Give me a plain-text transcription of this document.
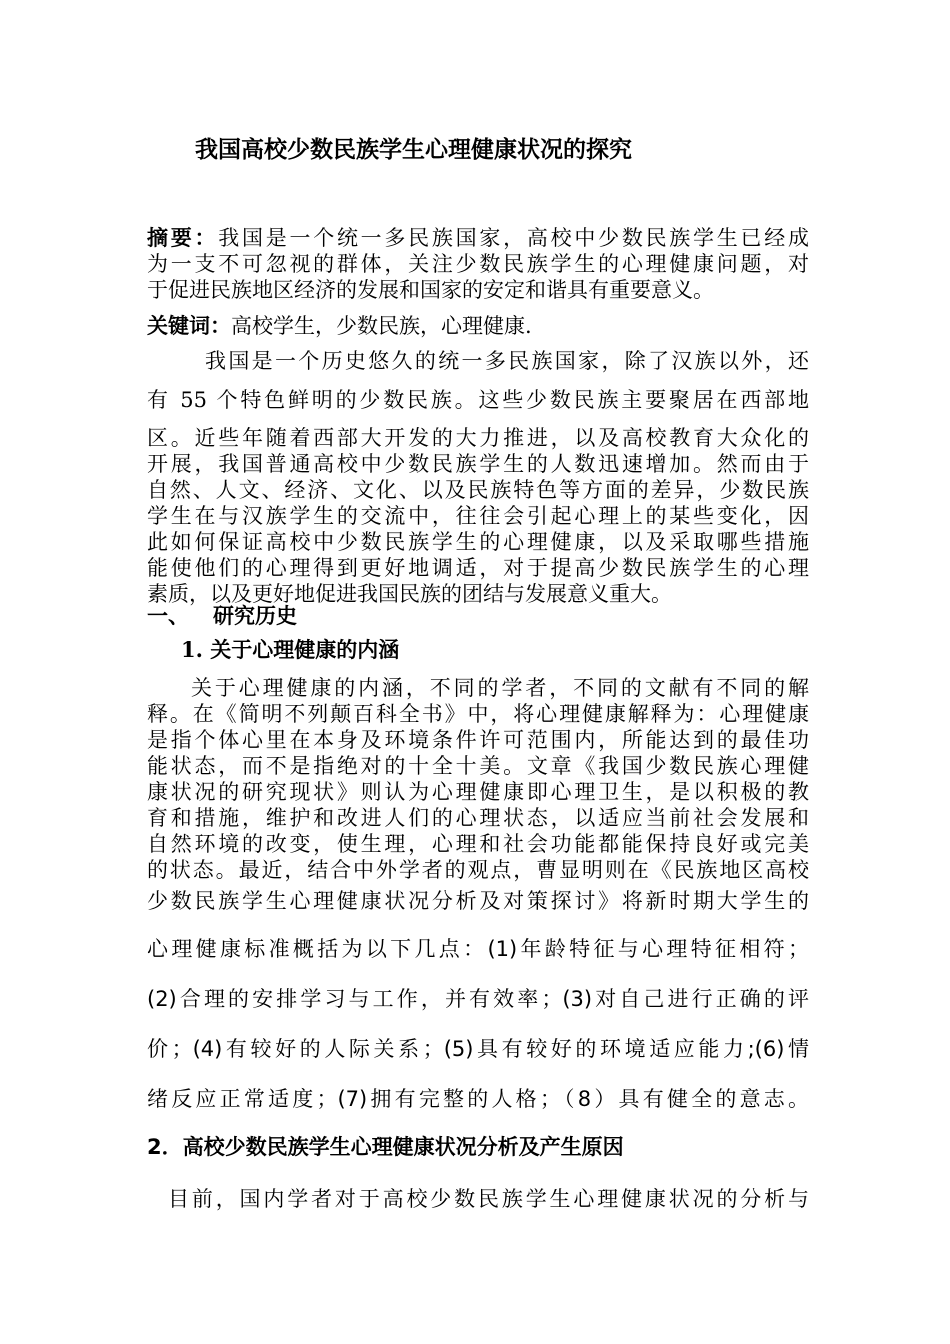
我国高校少数民族学生心理健康状况的探究
摘要：我国是一个统一多民族国家，高校中少数民族学生已经成
为一支不可忽视的群体，关注少数民族学生的心理健康问题，对
于促进民族地区经济的发展和国家的安定和谐具有重要意义。
关键词：高校学生，少数民族，心理健康.
我国是一个历史悠久的统一多民族国家，除了汉族以外，还
有 55 个特色鲜明的少数民族。这些少数民族主要聚居在西部地
区。近些年随着西部大开发的大力推进，以及高校教育大众化的
开展，我国普通高校中少数民族学生的人数迅速增加。然而由于
自然、人文、经济、文化、以及民族特色等方面的差异，少数民族
学生在与汉族学生的交流中，往往会引起心理上的某些变化，因
此如何保证高校中少数民族学生的心理健康，以及采取哪些措施
能使他们的心理得到更好地调适，对于提高少数民族学生的心理
素质，以及更好地促进我国民族的团结与发展意义重大。
一、 研究历史
1. 关于心理健康的内涵
关于心理健康的内涵，不同的学者，不同的文献有不同的解
释。在《简明不列颠百科全书》中，将心理健康解释为：心理健康
是指个体心里在本身及环境条件许可范围内，所能达到的最佳功
能状态，而不是指绝对的十全十美。文章《我国少数民族心理健
康状况的研究现状》则认为心理健康即心理卫生，是以积极的教
育和措施，维护和改进人们的心理状态，以适应当前社会发展和
自然环境的改变，使生理，心理和社会功能都能保持良好或完美
的状态。最近，结合中外学者的观点，曹显明则在《民族地区高校
少数民族学生心理健康状况分析及对策探讨》将新时期大学生的
心理健康标准概括为以下几点：(1)年龄特征与心理特征相符；
(2)合理的安排学习与工作，并有效率；(3)对自己进行正确的评
价；(4)有较好的人际关系；(5)具有较好的环境适应能力;(6)情
绪反应正常适度；(7)拥有完整的人格；（8）具有健全的意志。
2．高校少数民族学生心理健康状况分析及产生原因
目前，国内学者对于高校少数民族学生心理健康状况的分析与
